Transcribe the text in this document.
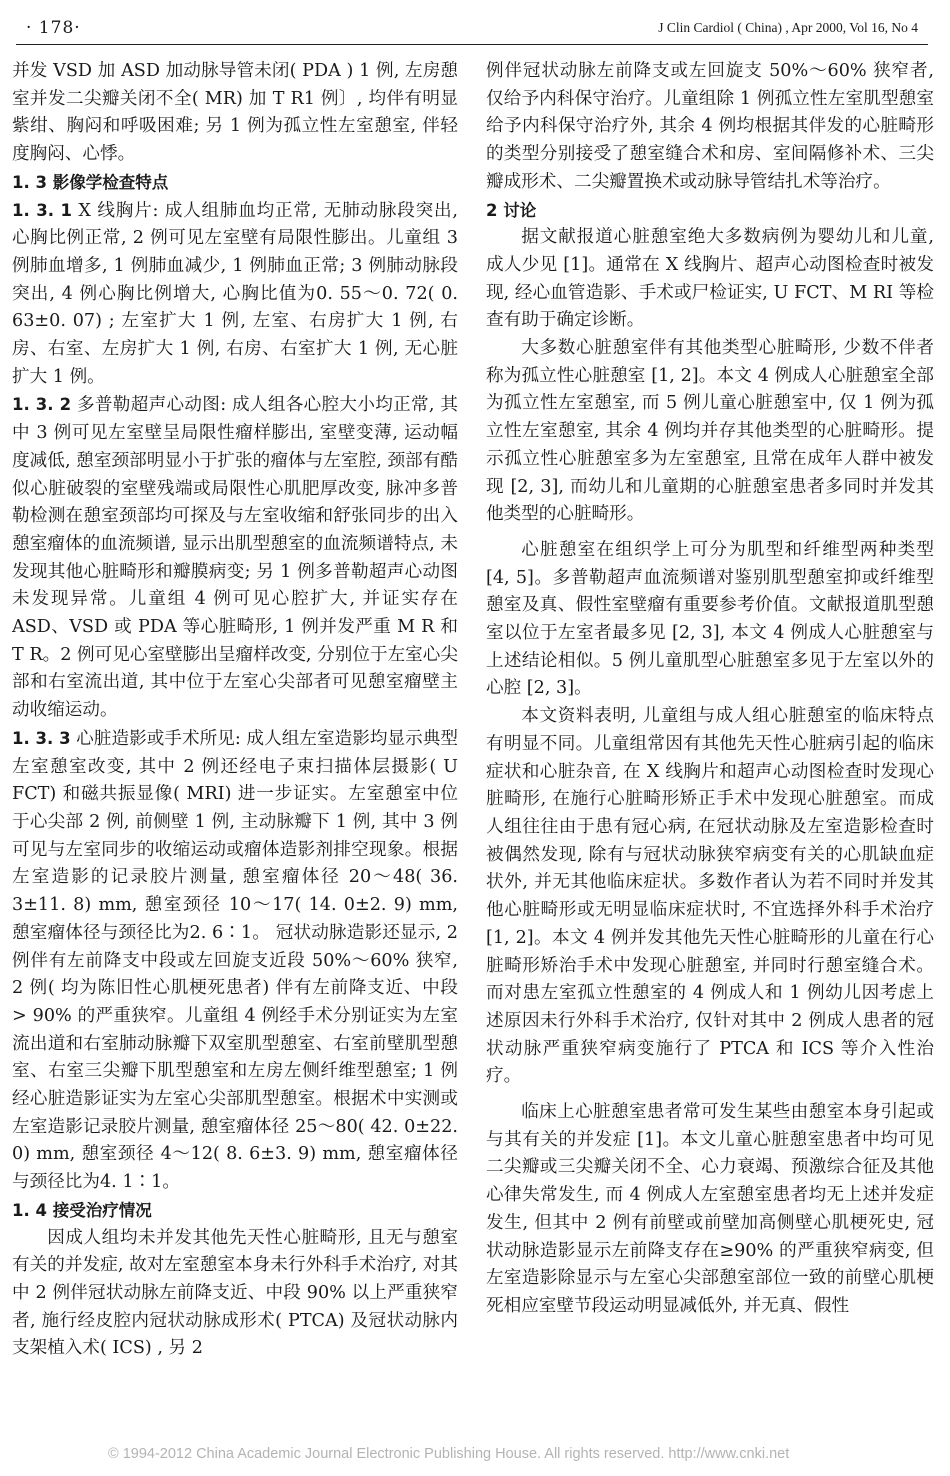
· 178·	J Clin Cardiol ( China) , Apr 2000, Vol 16, No 4

并发 VSD 加 ASD 加动脉导管未闭( PDA ) 1 例, 左房憩室并发二尖瓣关闭不全( MR) 加 T R1 例〕, 均伴有明显紫绀、胸闷和呼吸困难; 另 1 例为孤立性左室憩室, 伴轻度胸闷、心悸。

1. 3 影像学检查特点

1. 3. 1 X 线胸片: 成人组肺血均正常, 无肺动脉段突出, 心胸比例正常, 2 例可见左室壁有局限性膨出。儿童组 3 例肺血增多, 1 例肺血减少, 1 例肺血正常; 3 例肺动脉段突出, 4 例心胸比例增大, 心胸比值为0. 55～0. 72( 0. 63±0. 07) ; 左室扩大 1 例, 左室、右房扩大 1 例, 右房、右室、左房扩大 1 例, 右房、右室扩大 1 例, 无心脏扩大 1 例。

1. 3. 2 多普勒超声心动图: 成人组各心腔大小均正常, 其中 3 例可见左室壁呈局限性瘤样膨出, 室壁变薄, 运动幅度减低, 憩室颈部明显小于扩张的瘤体与左室腔, 颈部有酷似心脏破裂的室壁残端或局限性心肌肥厚改变, 脉冲多普勒检测在憩室颈部均可探及与左室收缩和舒张同步的出入憩室瘤体的血流频谱, 显示出肌型憩室的血流频谱特点, 未发现其他心脏畸形和瓣膜病变; 另 1 例多普勒超声心动图未发现异常。儿童组 4 例可见心腔扩大, 并证实存在 ASD、VSD 或 PDA 等心脏畸形, 1 例并发严重 M R 和 T R。2 例可见心室壁膨出呈瘤样改变, 分别位于左室心尖部和右室流出道, 其中位于左室心尖部者可见憩室瘤壁主动收缩运动。

1. 3. 3 心脏造影或手术所见: 成人组左室造影均显示典型左室憩室改变, 其中 2 例还经电子束扫描体层摄影( U FCT) 和磁共振显像( MRI) 进一步证实。左室憩室中位于心尖部 2 例, 前侧壁 1 例, 主动脉瓣下 1 例, 其中 3 例可见与左室同步的收缩运动或瘤体造影剂排空现象。根据左室造影的记录胶片测量, 憩室瘤体径 20～48( 36. 3±11. 8) mm, 憩室颈径 10～17( 14. 0±2. 9) mm, 憩室瘤体径与颈径比为2. 6∶1。 冠状动脉造影还显示, 2 例伴有左前降支中段或左回旋支近段 50%～60% 狭窄, 2 例( 均为陈旧性心肌梗死患者) 伴有左前降支近、中段 > 90% 的严重狭窄。儿童组 4 例经手术分别证实为左室流出道和右室肺动脉瓣下双室肌型憩室、右室前壁肌型憩室、右室三尖瓣下肌型憩室和左房左侧纤维型憩室; 1 例经心脏造影证实为左室心尖部肌型憩室。根据术中实测或左室造影记录胶片测量, 憩室瘤体径 25～80( 42. 0±22. 0) mm, 憩室颈径 4～12( 8. 6±3. 9) mm, 憩室瘤体径与颈径比为4. 1∶1。

1. 4 接受治疗情况

因成人组均未并发其他先天性心脏畸形, 且无与憩室有关的并发症, 故对左室憩室本身未行外科手术治疗, 对其中 2 例伴冠状动脉左前降支近、中段 90% 以上严重狭窄者, 施行经皮腔内冠状动脉成形术( PTCA) 及冠状动脉内支架植入术( ICS) , 另 2

例伴冠状动脉左前降支或左回旋支 50%～60% 狭窄者, 仅给予内科保守治疗。儿童组除 1 例孤立性左室肌型憩室给予内科保守治疗外, 其余 4 例均根据其伴发的心脏畸形的类型分别接受了憩室缝合术和房、室间隔修补术、三尖瓣成形术、二尖瓣置换术或动脉导管结扎术等治疗。

2 讨论

据文献报道心脏憩室绝大多数病例为婴幼儿和儿童, 成人少见 [1]。通常在 X 线胸片、超声心动图检查时被发现, 经心血管造影、手术或尸检证实, U FCT、M RI 等检查有助于确定诊断。

大多数心脏憩室伴有其他类型心脏畸形, 少数不伴者称为孤立性心脏憩室 [1, 2]。本文 4 例成人心脏憩室全部为孤立性左室憩室, 而 5 例儿童心脏憩室中, 仅 1 例为孤立性左室憩室, 其余 4 例均并存其他类型的心脏畸形。提示孤立性心脏憩室多为左室憩室, 且常在成年人群中被发现 [2, 3], 而幼儿和儿童期的心脏憩室患者多同时并发其他类型的心脏畸形。

心脏憩室在组织学上可分为肌型和纤维型两种类型 [4, 5]。多普勒超声血流频谱对鉴别肌型憩室抑或纤维型憩室及真、假性室壁瘤有重要参考价值。文献报道肌型憩室以位于左室者最多见 [2, 3], 本文 4 例成人心脏憩室与上述结论相似。5 例儿童肌型心脏憩室多见于左室以外的心腔 [2, 3]。

本文资料表明, 儿童组与成人组心脏憩室的临床特点有明显不同。儿童组常因有其他先天性心脏病引起的临床症状和心脏杂音, 在 X 线胸片和超声心动图检查时发现心脏畸形, 在施行心脏畸形矫正手术中发现心脏憩室。而成人组往往由于患有冠心病, 在冠状动脉及左室造影检查时被偶然发现, 除有与冠状动脉狭窄病变有关的心肌缺血症状外, 并无其他临床症状。多数作者认为若不同时并发其他心脏畸形或无明显临床症状时, 不宜选择外科手术治疗 [1, 2]。本文 4 例并发其他先天性心脏畸形的儿童在行心脏畸形矫治手术中发现心脏憩室, 并同时行憩室缝合术。而对患左室孤立性憩室的 4 例成人和 1 例幼儿因考虑上述原因未行外科手术治疗, 仅针对其中 2 例成人患者的冠状动脉严重狭窄病变施行了 PTCA 和 ICS 等介入性治疗。

临床上心脏憩室患者常可发生某些由憩室本身引起或与其有关的并发症 [1]。本文儿童心脏憩室患者中均可见二尖瓣或三尖瓣关闭不全、心力衰竭、预激综合征及其他心律失常发生, 而 4 例成人左室憩室患者均无上述并发症发生, 但其中 2 例有前壁或前壁加高侧壁心肌梗死史, 冠状动脉造影显示左前降支存在≥90% 的严重狭窄病变, 但左室造影除显示与左室心尖部憩室部位一致的前壁心肌梗死相应室壁节段运动明显减低外, 并无真、假性

© 1994-2012 China Academic Journal Electronic Publishing House. All rights reserved. http://www.cnki.net
